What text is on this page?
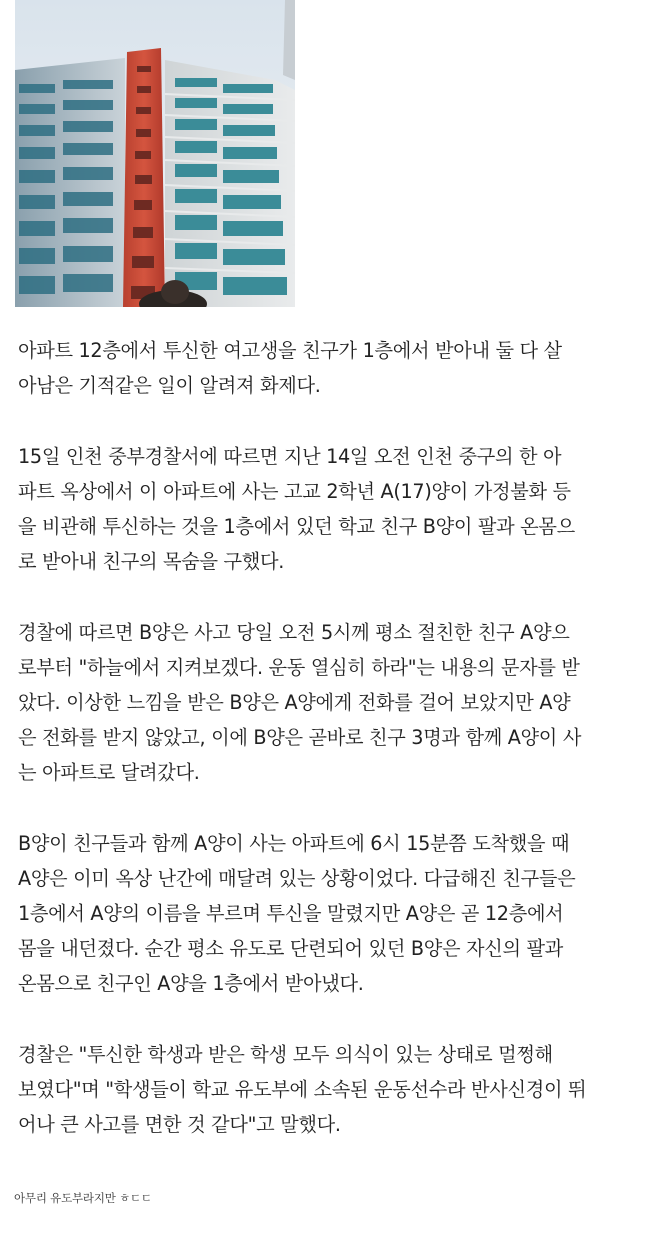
아파트 12층에서 투신한 여고생을 친구가 1층에서 받아내 둘 다 살
아남은 기적같은 일이 알려져 화제다.

15일 인천 중부경찰서에 따르면 지난 14일 오전 인천 중구의 한 아
파트 옥상에서 이 아파트에 사는 고교 2학년 A(17)양이 가정불화 등
을 비관해 투신하는 것을 1층에서 있던 학교 친구 B양이 팔과 온몸으
로 받아내 친구의 목숨을 구했다.

경찰에 따르면 B양은 사고 당일 오전 5시께 평소 절친한 친구 A양으
로부터 "하늘에서 지켜보겠다. 운동 열심히 하라"는 내용의 문자를 받
았다. 이상한 느낌을 받은 B양은 A양에게 전화를 걸어 보았지만 A양
은 전화를 받지 않았고, 이에 B양은 곧바로 친구 3명과 함께 A양이 사
는 아파트로 달려갔다.

B양이 친구들과 함께 A양이 사는 아파트에 6시 15분쯤 도착했을 때
A양은 이미 옥상 난간에 매달려 있는 상황이었다. 다급해진 친구들은
1층에서 A양의 이름을 부르며 투신을 말렸지만 A양은 곧 12층에서
몸을 내던졌다. 순간 평소 유도로 단련되어 있던 B양은 자신의 팔과
온몸으로 친구인 A양을 1층에서 받아냈다.

경찰은 "투신한 학생과 받은 학생 모두 의식이 있는 상태로 멀쩡해
보였다"며 "학생들이 학교 유도부에 소속된 운동선수라 반사신경이 뛰
어나 큰 사고를 면한 것 같다"고 말했다.

아무리 유도부라지만 ㅎㄷㄷ
